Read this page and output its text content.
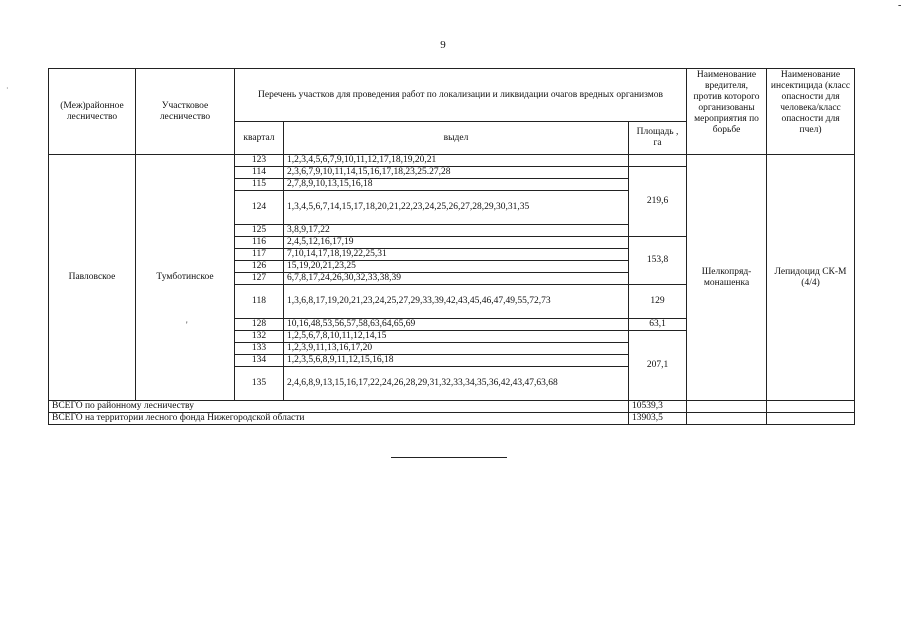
-
·
9
(Меж)районное лесничество	Участковое лесничество	Перечень участков для проведения работ по локализации и ликвидации очагов вредных организмов			Наименование вредителя, против которого организованы мероприятия по борьбе	Наименование инсектицида (класс опасности для человека/класс опасности для пчел)
		квартал	выдел	Площадь , га		

Павловское	Тумботинское	123	1,2,3,4,5,6,7,9,10,11,12,17,18,19,20,21		Шелкопряд-монашенка	Лепидоцид СК-М (4/4)
		114	2,3,6,7,9,10,11,14,15,16,17,18,23,25.27,28	219,6		
		115	2,7,8,9,10,13,15,16,18			
		124	1,3,4,5,6,7,14,15,17,18,20,21,22,23,24,25,26,27,28,29,30,31,35			
		125	3,8,9,17,22			
		116	2,4,5,12,16,17,19	153,8		
		117	7,10,14,17,18,19,22,25,31			
		126	15,19,20,21,23,25			
		127	6,7,8,17,24,26,30,32,33,38,39			
		118	1,3,6,8,17,19,20,21,23,24,25,27,29,33,39,42,43,45,46,47,49,55,72,73	129		
		128	10,16,48,53,56,57,58,63,64,65,69	63,1		
		132	1,2,5,6,7,8,10,11,12,14,15	207,1		
		133	1,2,3,9,11,13,16,17,20			
		134	1,2,3,5,6,8,9,11,12,15,16,18			
		135	2,4,6,8,9,13,15,16,17,22,24,26,28,29,31,32,33,34,35,36,42,43,47,63,68			
ВСЕГО по районному лесничеству				10539,3		
ВСЕГО на территории лесного фонда Нижегородской области				13903,5		
'
